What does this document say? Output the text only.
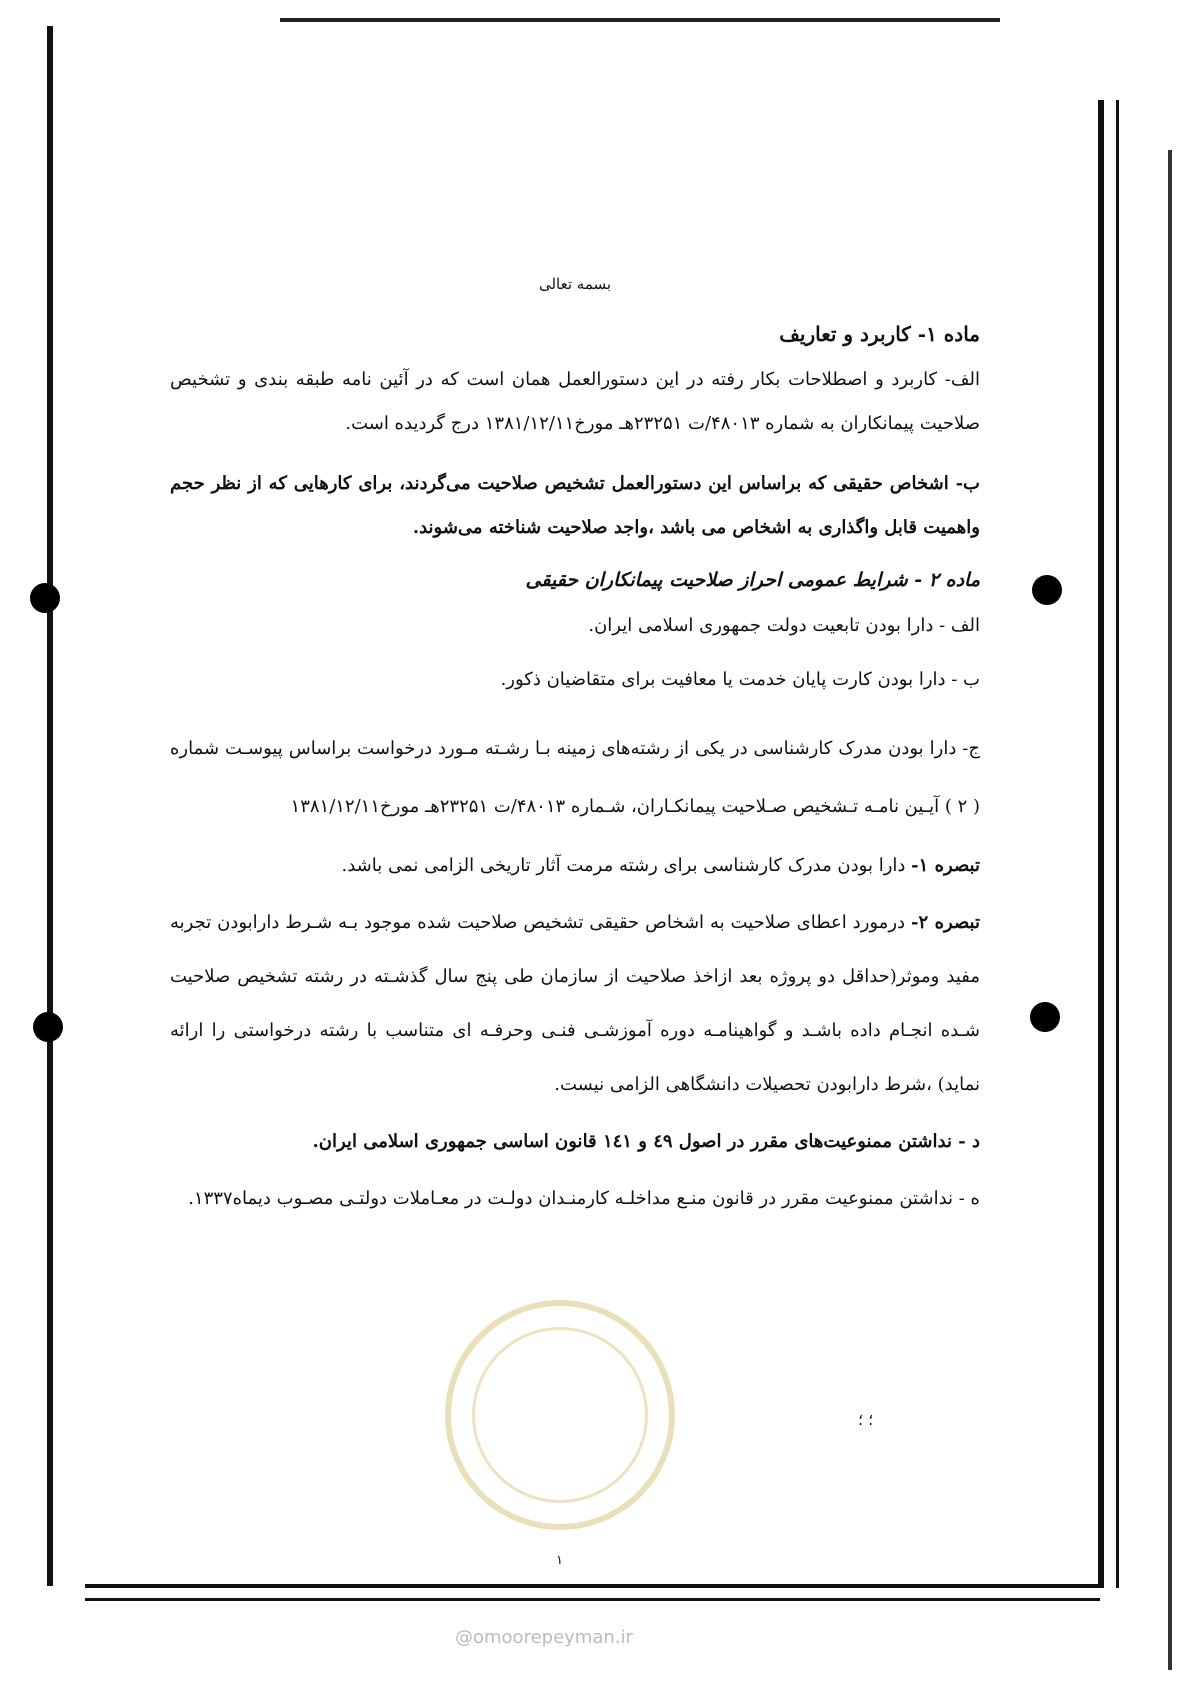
بسمه تعالی
ماده ۱- کاربرد و تعاریف
الف- کاربرد و اصطلاحات بکار رفته در این دستورالعمل همان است که در آئین نامه طبقه بندی و تشخیص صلاحیت پیمانکاران به شماره ۴۸۰۱۳/ت ۲۳۲۵۱هـ مورخ۱۳۸۱/۱۲/۱۱ درج گردیده است.
ب- اشخاص حقیقی که براساس این دستورالعمل تشخیص صلاحیت می‌گردند، برای کارهایی که از نظر حجم واهمیت قابل واگذاری به اشخاص می باشد ،واجد صلاحیت شناخته می‌شوند.
ماده ۲ - شرایط عمومی احراز صلاحیت پیمانکاران حقیقی
الف - دارا بودن تابعیت دولت جمهوری اسلامی ایران.
ب - دارا بودن کارت پایان خدمت یا معافیت برای متقاضیان ذکور.
ج- دارا بودن مدرک کارشناسی در یکی از رشته‌های زمینه بـا رشـته مـورد درخواست براساس پیوسـت شماره ( ۲ ) آیـین نامـه تـشخیص صـلاحیت پیمانکـاران، شـماره ۴۸۰۱۳/ت ۲۳۲۵۱هـ مورخ۱۳۸۱/۱۲/۱۱
تبصره ۱- دارا بودن مدرک کارشناسی برای رشته مرمت آثار تاریخی الزامی نمی باشد.
تبصره ۲- درمورد اعطای صلاحیت به اشخاص حقیقی تشخیص صلاحیت شده موجود بـه شـرط دارابودن تجربه مفید وموثر(حداقل دو پروژه بعد ازاخذ صلاحیت از سازمان طی پنج سال گذشـته در رشته تشخیص صلاحیت شـده انجـام داده باشـد و گواهینامـه دوره آموزشـی فنـی وحرفـه ای متناسب با رشته درخواستی را ارائه نماید) ،شرط دارابودن تحصیلات دانشگاهی الزامی نیست.
د - نداشتن ممنوعیت‌های مقرر در اصول ٤٩ و ١٤١ قانون اساسی جمهوری اسلامی ایران.
ه - نداشتن ممنوعیت مقرر در قانون منـع مداخلـه کارمنـدان دولـت در معـاملات دولتـی مصـوب دیماه۱۳۳۷.
؛ ؛
۱
@omoorepeyman.ir
